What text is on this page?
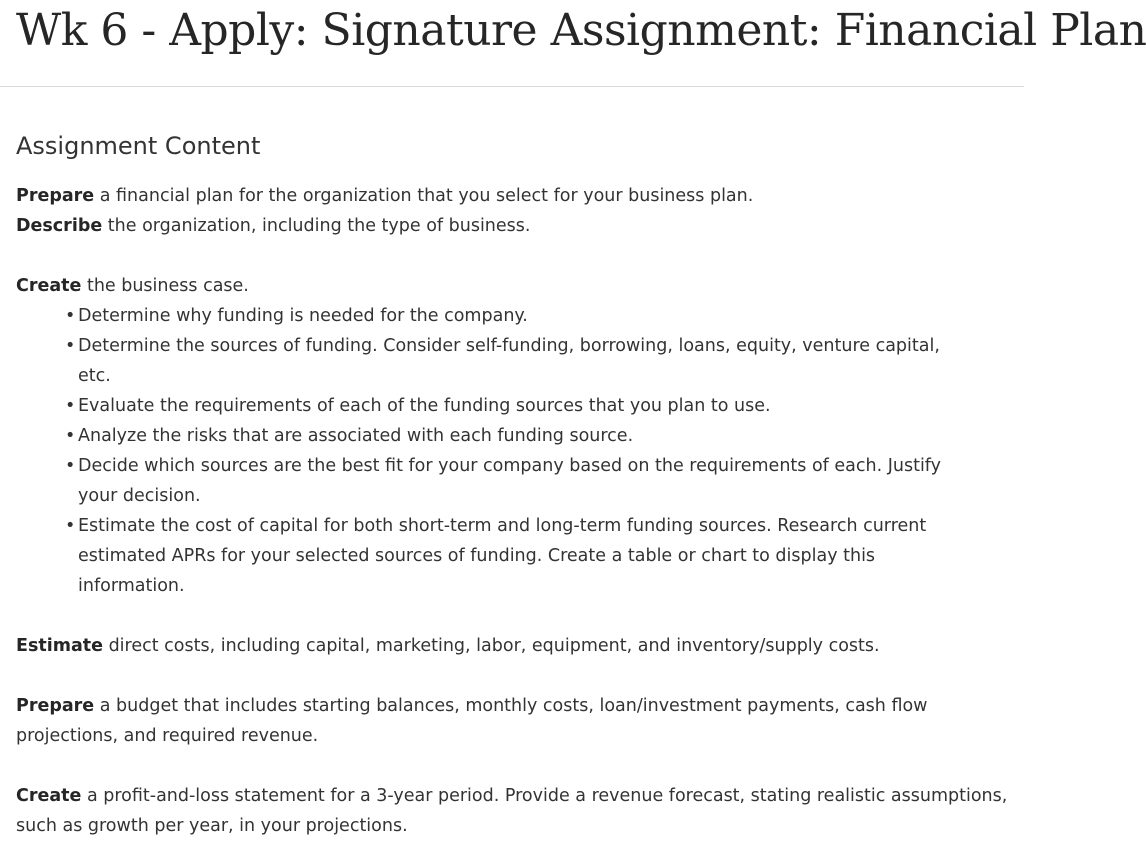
Wk 6 - Apply: Signature Assignment: Financial Plan
Assignment Content

Prepare a financial plan for the organization that you select for your business plan.

Describe the organization, including the type of business.

Create the business case.

• Determine why funding is needed for the company.
• Determine the sources of funding. Consider self-funding, borrowing, loans, equity, venture capital, etc.
• Evaluate the requirements of each of the funding sources that you plan to use.
• Analyze the risks that are associated with each funding source.
• Decide which sources are the best fit for your company based on the requirements of each. Justify your decision.
• Estimate the cost of capital for both short-term and long-term funding sources. Research current estimated APRs for your selected sources of funding. Create a table or chart to display this information.

Estimate direct costs, including capital, marketing, labor, equipment, and inventory/supply costs.

Prepare a budget that includes starting balances, monthly costs, loan/investment payments, cash flow projections, and required revenue.

Create a profit-and-loss statement for a 3-year period. Provide a revenue forecast, stating realistic assumptions, such as growth per year, in your projections.
